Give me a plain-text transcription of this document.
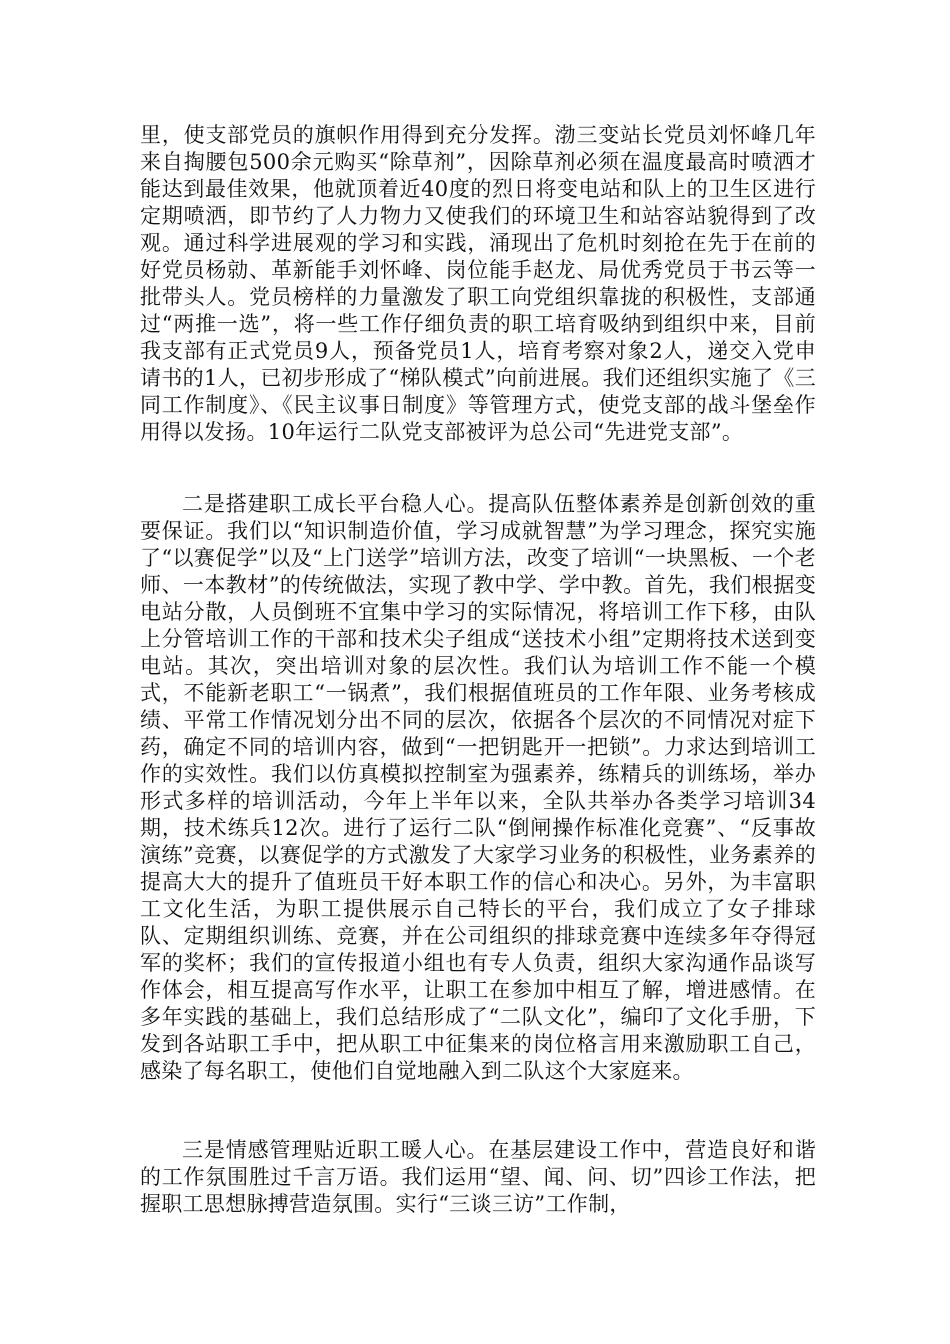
里，使支部党员的旗帜作用得到充分发挥。渤三变站长党员刘怀峰几年来自掏腰包500余元购买“除草剂”，因除草剂必须在温度最高时喷洒才能达到最佳效果，他就顶着近40度的烈日将变电站和队上的卫生区进行定期喷洒，即节约了人力物力又使我们的环境卫生和站容站貌得到了改观。通过科学进展观的学习和实践，涌现出了危机时刻抢在先于在前的好党员杨勍、革新能手刘怀峰、岗位能手赵龙、局优秀党员于书云等一批带头人。党员榜样的力量激发了职工向党组织靠拢的积极性，支部通过“两推一选”，将一些工作仔细负责的职工培育吸纳到组织中来，目前我支部有正式党员9人，预备党员1人，培育考察对象2人，递交入党申请书的1人，已初步形成了“梯队模式”向前进展。我们还组织实施了《三同工作制度》、《民主议事日制度》等管理方式，使党支部的战斗堡垒作用得以发扬。10年运行二队党支部被评为总公司“先进党支部”。

二是搭建职工成长平台稳人心。提高队伍整体素养是创新创效的重要保证。我们以“知识制造价值，学习成就智慧”为学习理念，探究实施了“以赛促学”以及“上门送学”培训方法，改变了培训“一块黑板、一个老师、一本教材”的传统做法，实现了教中学、学中教。首先，我们根据变电站分散，人员倒班不宜集中学习的实际情况，将培训工作下移，由队上分管培训工作的干部和技术尖子组成“送技术小组”定期将技术送到变电站。其次，突出培训对象的层次性。我们认为培训工作不能一个模式，不能新老职工“一锅煮”，我们根据值班员的工作年限、业务考核成绩、平常工作情况划分出不同的层次，依据各个层次的不同情况对症下药，确定不同的培训内容，做到“一把钥匙开一把锁”。力求达到培训工作的实效性。我们以仿真模拟控制室为强素养，练精兵的训练场，举办形式多样的培训活动，今年上半年以来，全队共举办各类学习培训34期，技术练兵12次。进行了运行二队“倒闸操作标准化竞赛”、“反事故演练”竞赛，以赛促学的方式激发了大家学习业务的积极性，业务素养的提高大大的提升了值班员干好本职工作的信心和决心。另外，为丰富职工文化生活，为职工提供展示自己特长的平台，我们成立了女子排球队、定期组织训练、竞赛，并在公司组织的排球竞赛中连续多年夺得冠军的奖杯；我们的宣传报道小组也有专人负责，组织大家沟通作品谈写作体会，相互提高写作水平，让职工在参加中相互了解，增进感情。在多年实践的基础上，我们总结形成了“二队文化”，编印了文化手册，下发到各站职工手中，把从职工中征集来的岗位格言用来激励职工自己，感染了每名职工，使他们自觉地融入到二队这个大家庭来。

三是情感管理贴近职工暖人心。在基层建设工作中，营造良好和谐的工作氛围胜过千言万语。我们运用“望、闻、问、切”四诊工作法，把握职工思想脉搏营造氛围。实行“三谈三访”工作制，
